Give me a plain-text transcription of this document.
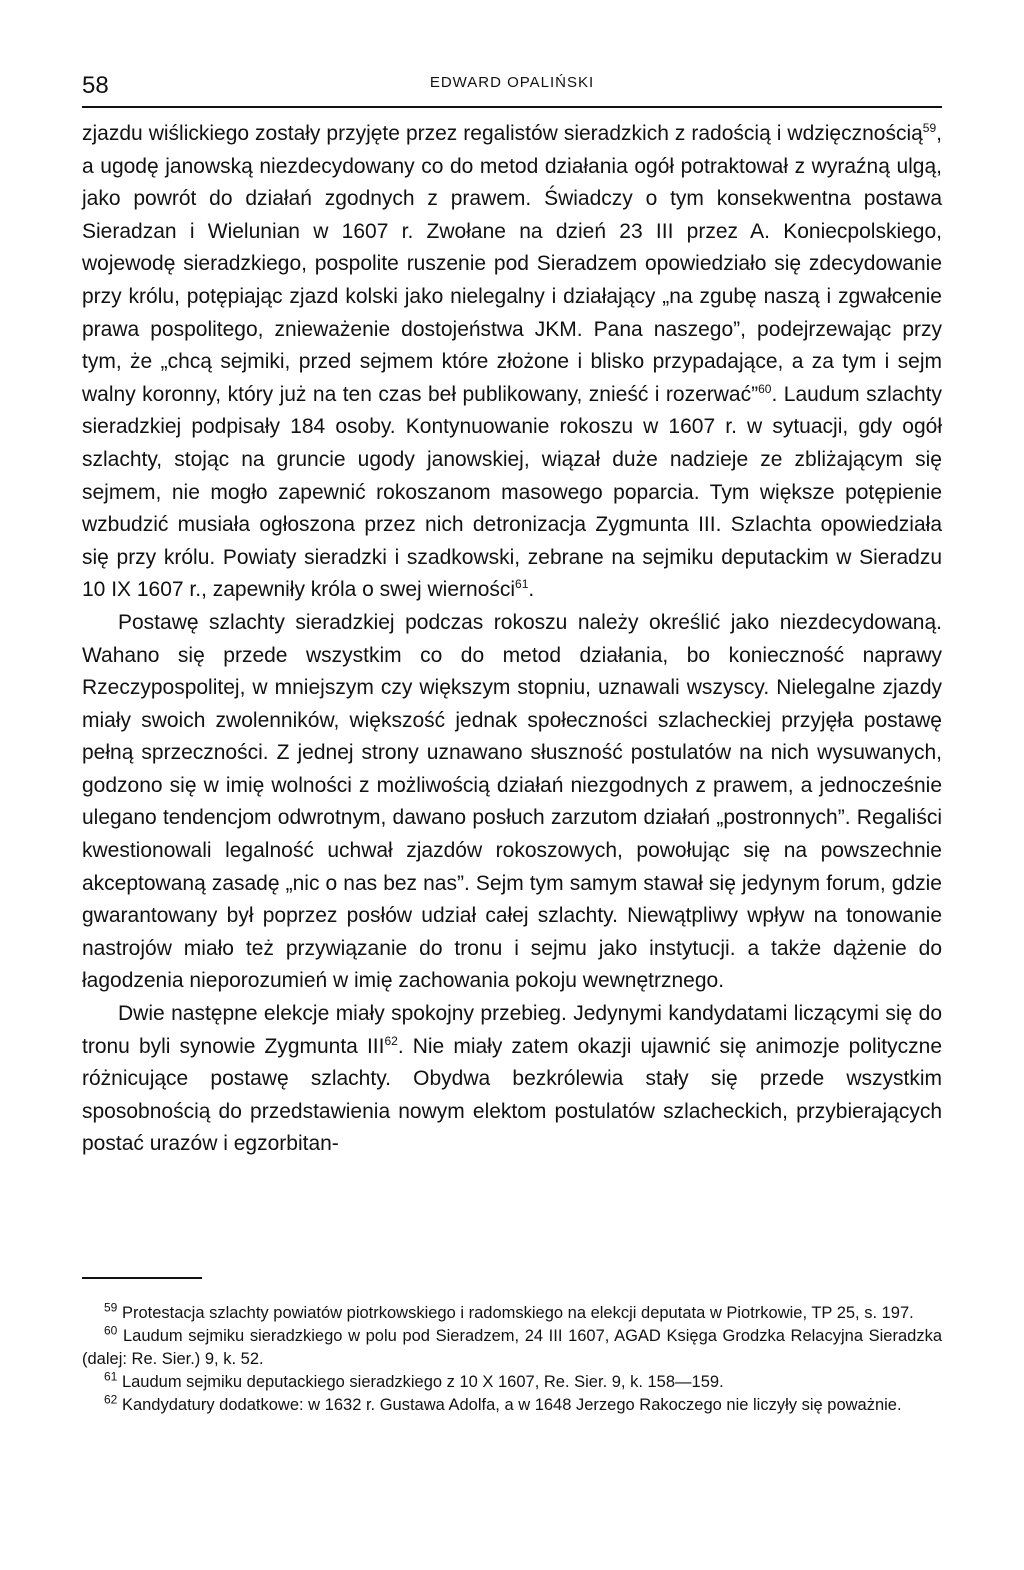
58	EDWARD OPALIŃSKI

zjazdu wiślickiego zostały przyjęte przez regalistów sieradzkich z radością i wdzięcznością$^{59}$, a ugodę janowską niezdecydowany co do metod działania ogół potraktował z wyraźną ulgą, jako powrót do działań zgodnych z prawem. Świadczy o tym konsekwentna postawa Sieradzan i Wielunian w 1607 r. Zwołane na dzień 23 III przez A. Koniecpolskiego, wojewodę sieradzkiego, pospolite ruszenie pod Sieradzem opowiedziało się zdecydowanie przy królu, potępiając zjazd kolski jako nielegalny i działający „na zgubę naszą i zgwałcenie prawa pospolitego, znieważenie dostojeństwa JKM. Pana naszego”, podejrzewając przy tym, że „chcą sejmiki, przed sejmem które złożone i blisko przypadające, a za tym i sejm walny koronny, który już na ten czas beł publikowany, znieść i rozerwać”$^{60}$. Laudum szlachty sieradzkiej podpisały 184 osoby. Kontynuowanie rokoszu w 1607 r. w sytuacji, gdy ogół szlachty, stojąc na gruncie ugody janowskiej, wiązał duże nadzieje ze zbliżającym się sejmem, nie mogło zapewnić rokoszanom masowego poparcia. Tym większe potępienie wzbudzić musiała ogłoszona przez nich detronizacja Zygmunta III. Szlachta opowiedziała się przy królu. Powiaty sieradzki i szadkowski, zebrane na sejmiku deputackim w Sieradzu 10 IX 1607 r., zapewniły króla o swej wierności$^{61}$.

Postawę szlachty sieradzkiej podczas rokoszu należy określić jako niezdecydowaną. Wahano się przede wszystkim co do metod działania, bo konieczność naprawy Rzeczypospolitej, w mniejszym czy większym stopniu, uznawali wszyscy. Nielegalne zjazdy miały swoich zwolenników, większość jednak społeczności szlacheckiej przyjęła postawę pełną sprzeczności. Z jednej strony uznawano słuszność postulatów na nich wysuwanych, godzono się w imię wolności z możliwością działań niezgodnych z prawem, a jednocześnie ulegano tendencjom odwrotnym, dawano posłuch zarzutom działań „postronnych”. Regaliści kwestionowali legalność uchwał zjazdów rokoszowych, powołując się na powszechnie akceptowaną zasadę „nic o nas bez nas”. Sejm tym samym stawał się jedynym forum, gdzie gwarantowany był poprzez posłów udział całej szlachty. Niewątpliwy wpływ na tonowanie nastrojów miało też przywiązanie do tronu i sejmu jako instytucji. a także dążenie do łagodzenia nieporozumień w imię zachowania pokoju wewnętrznego.

Dwie następne elekcje miały spokojny przebieg. Jedynymi kandydatami liczącymi się do tronu byli synowie Zygmunta III$^{62}$. Nie miały zatem okazji ujawnić się animozje polityczne różnicujące postawę szlachty. Obydwa bezkrólewia stały się przede wszystkim sposobnością do przedstawienia nowym elektom postulatów szlacheckich, przybierających postać urazów i egzorbitan-

$^{59}$ Protestacja szlachty powiatów piotrkowskiego i radomskiego na elekcji deputata w Piotrkowie, TP 25, s. 197.

$^{60}$ Laudum sejmiku sieradzkiego w polu pod Sieradzem, 24 III 1607, AGAD Księga Grodzka Relacyjna Sieradzka (dalej: Re. Sier.) 9, k. 52.

$^{61}$ Laudum sejmiku deputackiego sieradzkiego z 10 X 1607, Re. Sier. 9, k. 158—159.

$^{62}$ Kandydatury dodatkowe: w 1632 r. Gustawa Adolfa, a w 1648 Jerzego Rakoczego nie liczyły się poważnie.
